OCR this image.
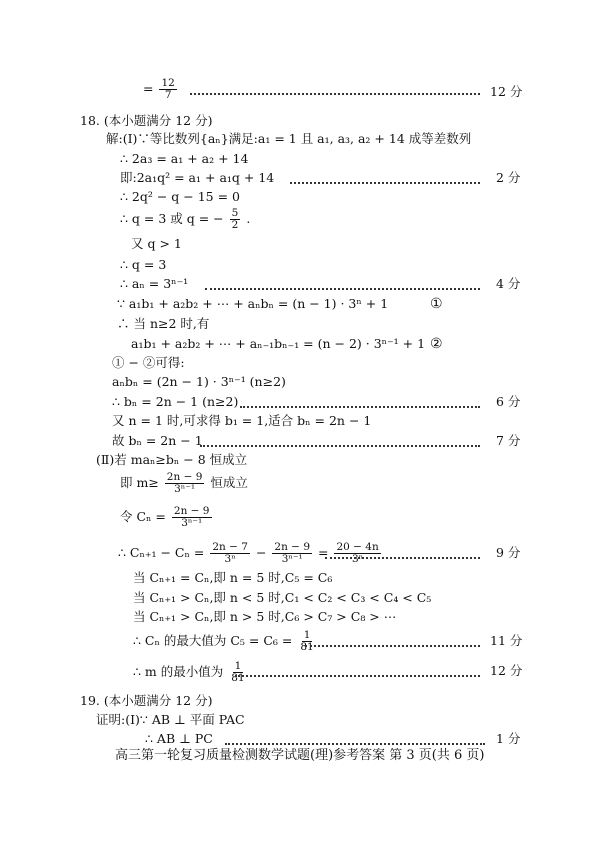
= $\frac{12}{7}$	12 分
18. (本小题满分 12 分)
解:(Ⅰ)∵等比数列{aₙ}满足:a₁ = 1 且 a₁, a₃, a₂ + 14 成等差数列
∴ 2a₃ = a₁ + a₂ + 14
即:2a₁q² = a₁ + a₁q + 14	2 分
∴ 2q² − q − 15 = 0
∴ q = 3 或 q = − $\frac{5}{2}$ .
又 q > 1
∴ q = 3
∴ aₙ = 3ⁿ⁻¹	4 分
∵ a₁b₁ + a₂b₂ + ⋯ + aₙbₙ = (n − 1) · 3ⁿ + 1	①
∴ 当 n≥2 时,有
a₁b₁ + a₂b₂ + ⋯ + aₙ₋₁bₙ₋₁ = (n − 2) · 3ⁿ⁻¹ + 1 ②
① − ②可得:
aₙbₙ = (2n − 1) · 3ⁿ⁻¹ (n≥2)
∴ bₙ = 2n − 1 (n≥2)	6 分
又 n = 1 时,可求得 b₁ = 1,适合 bₙ = 2n − 1
故 bₙ = 2n − 1	7 分
(Ⅱ)若 maₙ≥bₙ − 8 恒成立
即 $m\ge \frac{2n - 9}{\text{3ⁿ⁻¹}}$ 恒成立
令 $C_n = \frac{2n - 9}{\text{3ⁿ⁻¹}}$
∴ $C_{n+1} - C_n = \frac{2n - 7}{\text{3ⁿ}} - \frac{2n - 9}{\text{3ⁿ⁻¹}} = \frac{20 - 4n}{\text{3ⁿ}}$	9 分
当 Cₙ₊₁ = Cₙ,即 n = 5 时,C₅ = C₆
当 Cₙ₊₁ > Cₙ,即 n < 5 时,C₁ < C₂ < C₃ < C₄ < C₅
当 Cₙ₊₁ > Cₙ,即 n > 5 时,C₆ > C₇ > C₈ > ⋯
∴ Cₙ 的最大值为 $C_5 = C_6 = \frac{1}{81}$	11 分
∴ m 的最小值为 $\frac{1}{81}$	12 分
19. (本小题满分 12 分)
证明:(Ⅰ)∵ AB ⊥ 平面 PAC
∴ AB ⊥ PC	1 分
高三第一轮复习质量检测数学试题(理)参考答案 第 3 页(共 6 页)
